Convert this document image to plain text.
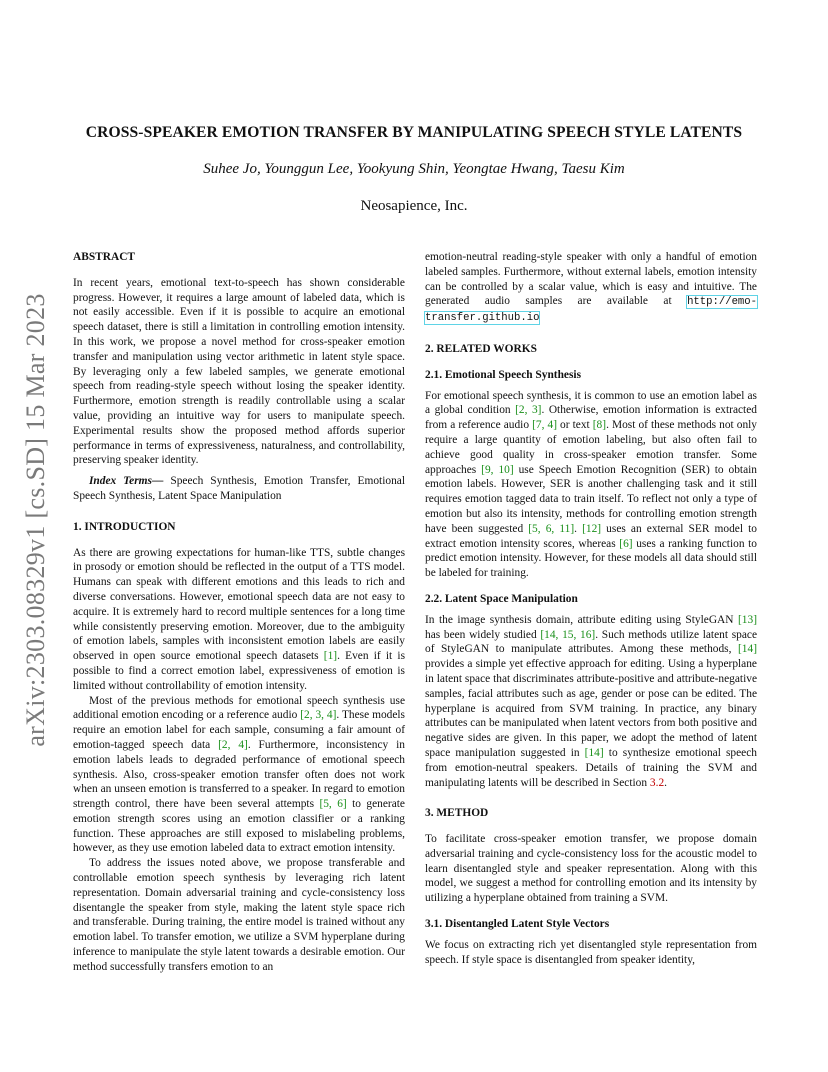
arXiv:2303.08329v1 [cs.SD] 15 Mar 2023
CROSS-SPEAKER EMOTION TRANSFER BY MANIPULATING SPEECH STYLE LATENTS
Suhee Jo, Younggun Lee, Yookyung Shin, Yeongtae Hwang, Taesu Kim
Neosapience, Inc.

ABSTRACT

In recent years, emotional text-to-speech has shown considerable progress. However, it requires a large amount of labeled data, which is not easily accessible. Even if it is possible to acquire an emotional speech dataset, there is still a limitation in controlling emotion intensity. In this work, we propose a novel method for cross-speaker emotion transfer and manipulation using vector arithmetic in latent style space. By leveraging only a few labeled samples, we generate emotional speech from reading-style speech without losing the speaker identity. Furthermore, emotion strength is readily controllable using a scalar value, providing an intuitive way for users to manipulate speech. Experimental results show the proposed method affords superior performance in terms of expressiveness, naturalness, and controllability, preserving speaker identity.

Index Terms— Speech Synthesis, Emotion Transfer, Emotional Speech Synthesis, Latent Space Manipulation

1. INTRODUCTION

As there are growing expectations for human-like TTS, subtle changes in prosody or emotion should be reflected in the output of a TTS model. Humans can speak with different emotions and this leads to rich and diverse conversations. However, emotional speech data are not easy to acquire. It is extremely hard to record multiple sentences for a long time while consistently preserving emotion. Moreover, due to the ambiguity of emotion labels, samples with inconsistent emotion labels are easily observed in open source emotional speech datasets [1]. Even if it is possible to find a correct emotion label, expressiveness of emotion is limited without controllability of emotion intensity.

Most of the previous methods for emotional speech synthesis use additional emotion encoding or a reference audio [2, 3, 4]. These models require an emotion label for each sample, consuming a fair amount of emotion-tagged speech data [2, 4]. Furthermore, inconsistency in emotion labels leads to degraded performance of emotional speech synthesis. Also, cross-speaker emotion transfer often does not work when an unseen emotion is transferred to a speaker. In regard to emotion strength control, there have been several attempts [5, 6] to generate emotion strength scores using an emotion classifier or a ranking function. These approaches are still exposed to mislabeling problems, however, as they use emotion labeled data to extract emotion intensity.

To address the issues noted above, we propose transferable and controllable emotion speech synthesis by leveraging rich latent representation. Domain adversarial training and cycle-consistency loss disentangle the speaker from style, making the latent style space rich and transferable. During training, the entire model is trained without any emotion label. To transfer emotion, we utilize a SVM hyperplane during inference to manipulate the style latent towards a desirable emotion. Our method successfully transfers emotion to an

emotion-neutral reading-style speaker with only a handful of emotion labeled samples. Furthermore, without external labels, emotion intensity can be controlled by a scalar value, which is easy and intuitive. The generated audio samples are available at http://emo-transfer.github.io

2. RELATED WORKS

2.1. Emotional Speech Synthesis

For emotional speech synthesis, it is common to use an emotion label as a global condition [2, 3]. Otherwise, emotion information is extracted from a reference audio [7, 4] or text [8]. Most of these methods not only require a large quantity of emotion labeling, but also often fail to achieve good quality in cross-speaker emotion transfer. Some approaches [9, 10] use Speech Emotion Recognition (SER) to obtain emotion labels. However, SER is another challenging task and it still requires emotion tagged data to train itself. To reflect not only a type of emotion but also its intensity, methods for controlling emotion strength have been suggested [5, 6, 11]. [12] uses an external SER model to extract emotion intensity scores, whereas [6] uses a ranking function to predict emotion intensity. However, for these models all data should still be labeled for training.

2.2. Latent Space Manipulation

In the image synthesis domain, attribute editing using StyleGAN [13] has been widely studied [14, 15, 16]. Such methods utilize latent space of StyleGAN to manipulate attributes. Among these methods, [14] provides a simple yet effective approach for editing. Using a hyperplane in latent space that discriminates attribute-positive and attribute-negative samples, facial attributes such as age, gender or pose can be edited. The hyperplane is acquired from SVM training. In practice, any binary attributes can be manipulated when latent vectors from both positive and negative sides are given. In this paper, we adopt the method of latent space manipulation suggested in [14] to synthesize emotional speech from emotion-neutral speakers. Details of training the SVM and manipulating latents will be described in Section 3.2.

3. METHOD

To facilitate cross-speaker emotion transfer, we propose domain adversarial training and cycle-consistency loss for the acoustic model to learn disentangled style and speaker representation. Along with this model, we suggest a method for controlling emotion and its intensity by utilizing a hyperplane obtained from training a SVM.

3.1. Disentangled Latent Style Vectors

We focus on extracting rich yet disentangled style representation from speech. If style space is disentangled from speaker identity,
